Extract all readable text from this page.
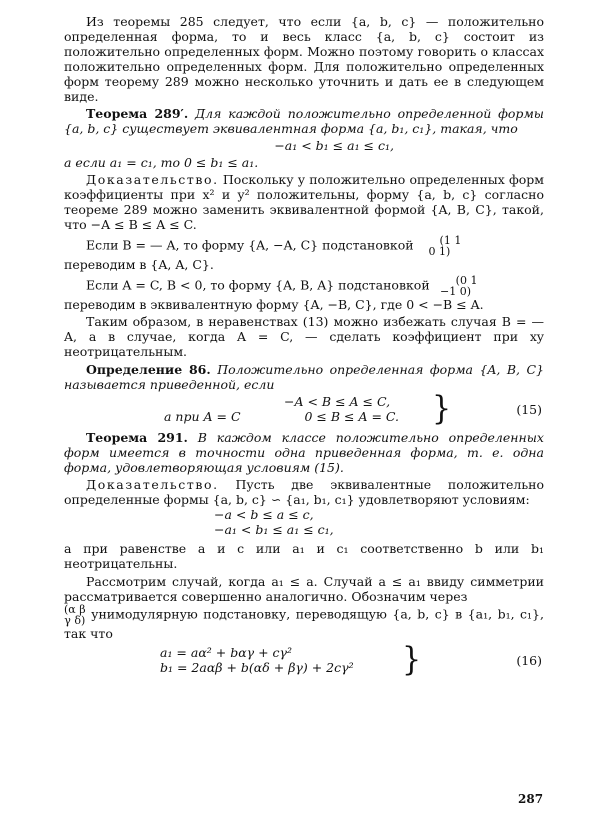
Из теоремы 285 следует, что если {a, b, c} — положительно определенная форма, то и весь класс {a, b, c} состоит из положительно определенных форм. Можно поэтому говорить о классах положительно определенных форм. Для положительно определенных форм теорему 289 можно несколько уточнить и дать ее в следующем виде.

Теорема 289′. Для каждой положительно определенной формы {a, b, c} существует эквивалентная форма {a, b₁, c₁}, такая, что

−a₁ < b₁ ≤ a₁ ≤ c₁,

а если a₁ = c₁, то 0 ≤ b₁ ≤ a₁.

Доказательство. Поскольку у положительно определенных форм коэффициенты при x² и y² положительны, форму {a, b, c} согласно теореме 289 можно заменить эквивалентной формой {A, B, C}, такой, что −A ≤ B ≤ A ≤ C.

Если B = — A, то форму {A, −A, C} подстановкой (1 1
0 1)

переводим в {A, A, C}.

Если A = C, B < 0, то форму {A, B, A} подстановкой (0 1
−1 0)

переводим в эквивалентную форму {A, −B, C}, где 0 < −B ≤ A.

Таким образом, в неравенствах (13) можно избежать случая B = — A, а в случае, когда A = C, — сделать коэффициент при xy неотрицательным.

Определение 86. Положительно определенная форма {A, B, C} называется приведенной, если

−A < B ≤ A ≤ C,
а при A = C	0 ≤ B ≤ A = C.	}	(15)

Теорема 291. В каждом классе положительно определенных форм имеется в точности одна приведенная форма, т. е. одна форма, удовлетворяющая условиям (15).

Доказательство. Пусть две эквивалентные положительно определенные формы {a, b, c} ∽ {a₁, b₁, c₁} удовлетворяют условиям:

−a < b ≤ a ≤ c,
−a₁ < b₁ ≤ a₁ ≤ c₁,

а при равенстве a и c или a₁ и c₁ соответственно b или b₁ неотрицательны.

Рассмотрим случай, когда a₁ ≤ a. Случай a ≤ a₁ ввиду симметрии рассматривается совершенно аналогично. Обозначим через

(α β
γ δ) унимодулярную подстановку, переводящую {a, b, c} в {a₁, b₁, c₁}, так что

a₁ = aα² + bαγ + cγ²
b₁ = 2aαβ + b(αδ + βγ) + 2cγ²	}	(16)
287
